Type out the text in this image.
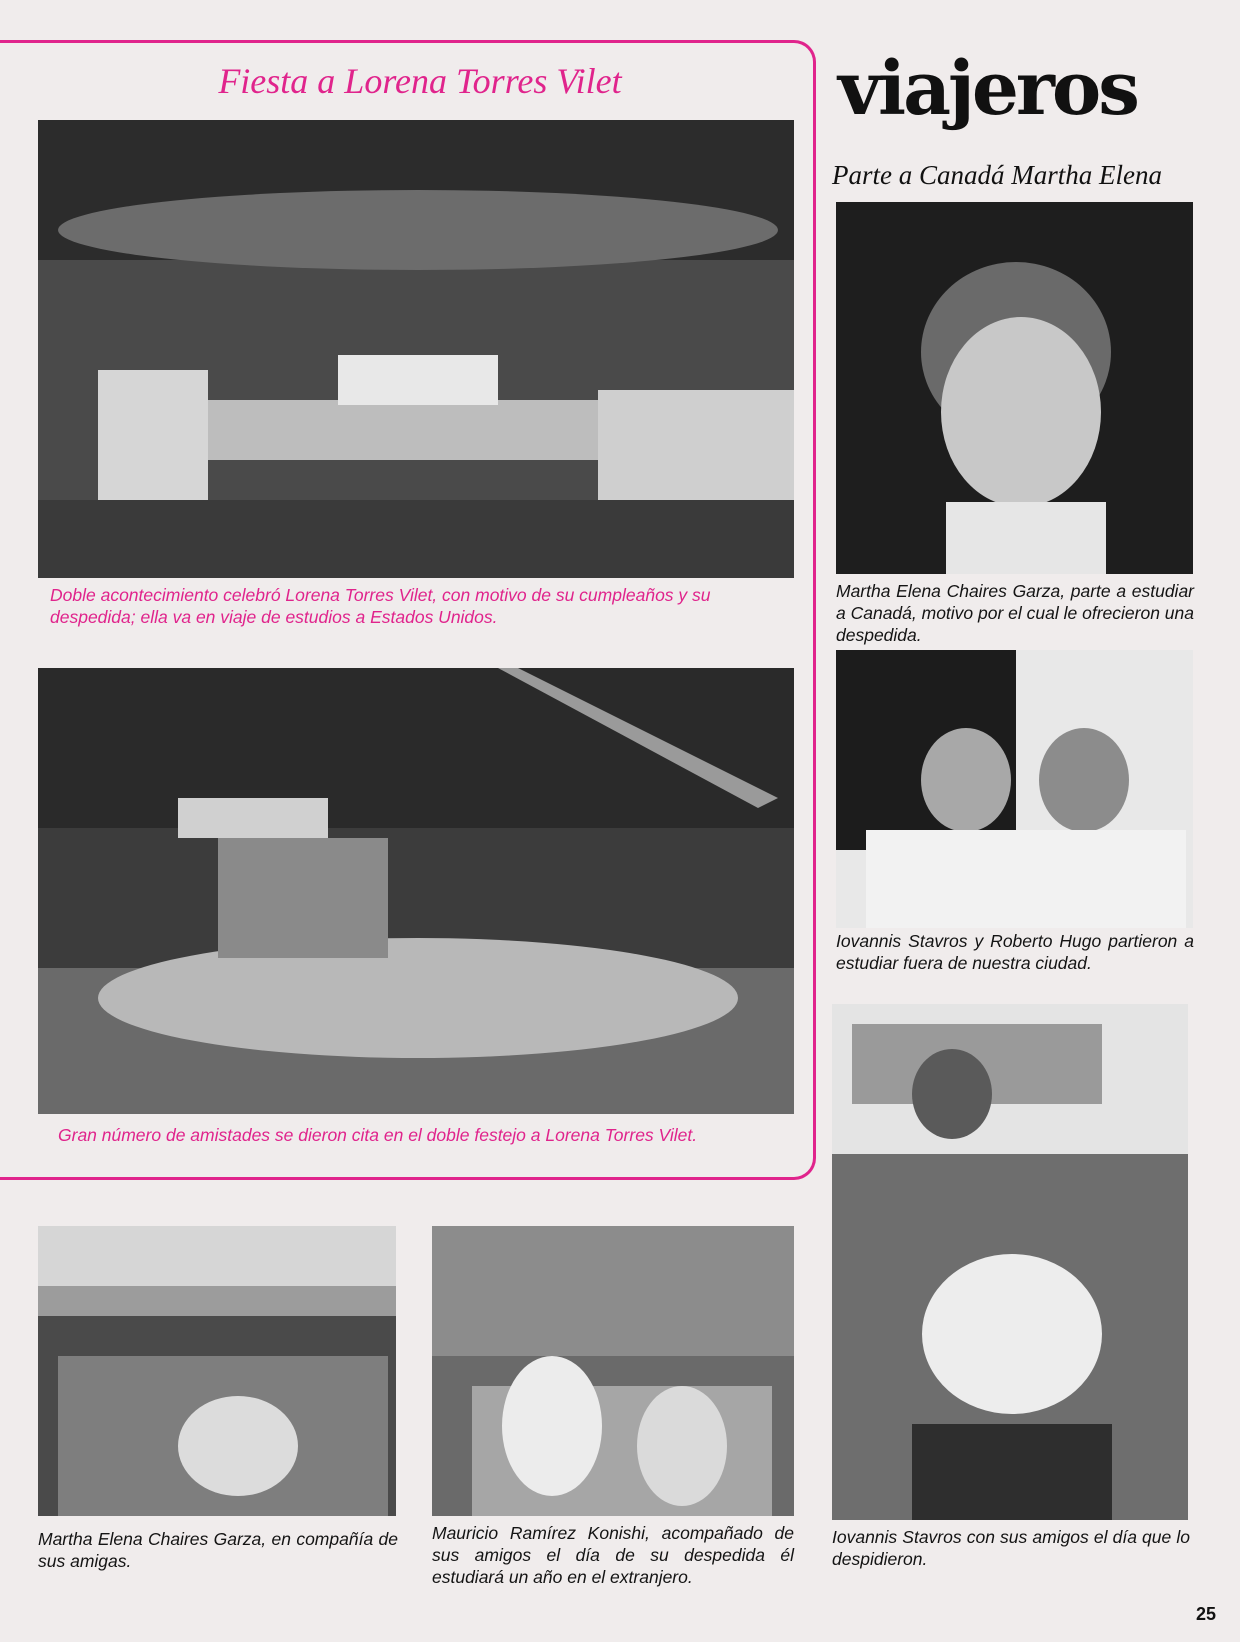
Fiesta a Lorena Torres Vilet

Doble acontecimiento celebró Lorena Torres Vilet, con motivo de su cumpleaños y su despedida; ella va en viaje de estudios a Estados Unidos.

Gran número de amistades se dieron cita en el doble festejo a Lorena Torres Vilet.

viajeros
Parte a Canadá Martha Elena

Martha Elena Chaires Garza, parte a estudiar a Canadá, motivo por el cual le ofrecieron una despedida.

Iovannis Stavros y Roberto Hugo partieron a estudiar fuera de nuestra ciudad.

Iovannis Stavros con sus amigos el día que lo despidieron.

Martha Elena Chaires Garza, en compañía de sus amigas.

Mauricio Ramírez Konishi, acompañado de sus amigos el día de su despedida él estudiará un año en el extranjero.

25
